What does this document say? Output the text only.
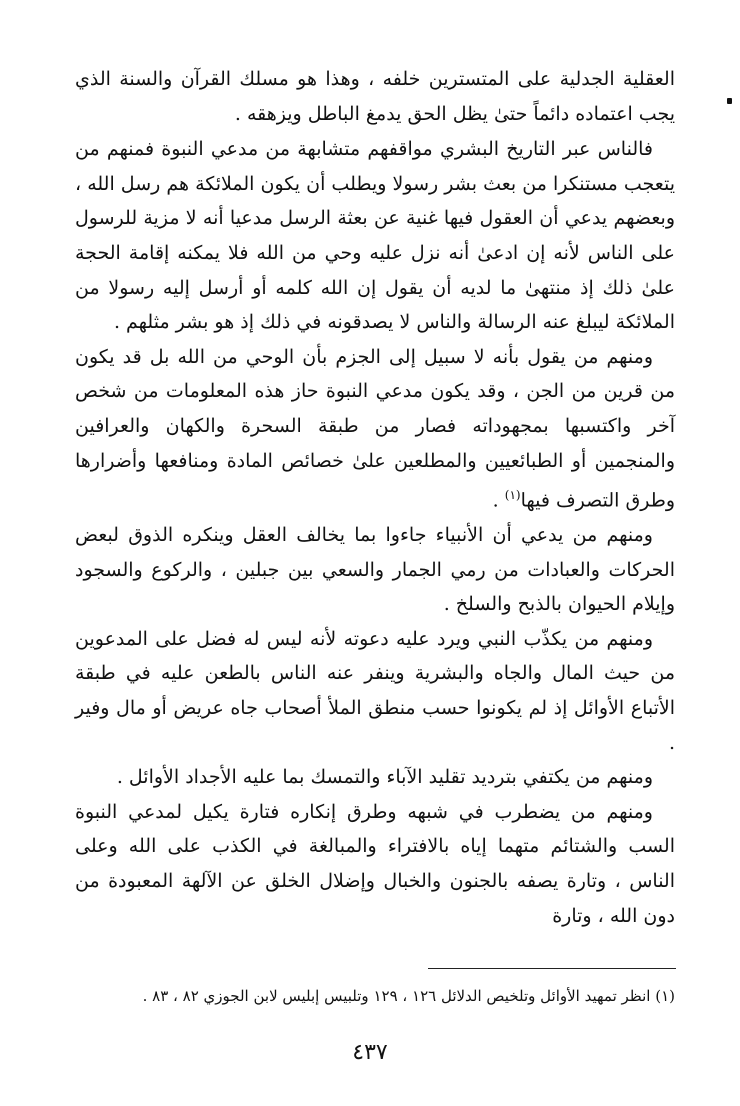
العقلية الجدلية على المتسترين خلفه ، وهذا هو مسلك القرآن والسنة الذي يجب اعتماده دائماً حتىٰ يظل الحق يدمغ الباطل ويزهقه .

فالناس عبر التاريخ البشري مواقفهم متشابهة من مدعي النبوة فمنهم من يتعجب مستنكرا من بعث بشر رسولا ويطلب أن يكون الملائكة هم رسل الله ، وبعضهم يدعي أن العقول فيها غنية عن بعثة الرسل مدعيا أنه لا مزية للرسول على الناس لأنه إن ادعىٰ أنه نزل عليه وحي من الله فلا يمكنه إقامة الحجة علىٰ ذلك إذ منتهىٰ ما لديه أن يقول إن الله كلمه أو أرسل إليه رسولا من الملائكة ليبلغ عنه الرسالة والناس لا يصدقونه في ذلك إذ هو بشر مثلهم .

ومنهم من يقول بأنه لا سبيل إلى الجزم بأن الوحي من الله بل قد يكون من قرين من الجن ، وقد يكون مدعي النبوة حاز هذه المعلومات من شخص آخر واكتسبها بمجهوداته فصار من طبقة السحرة والكهان والعرافين والمنجمين أو الطبائعيين والمطلعين علىٰ خصائص المادة ومنافعها وأضرارها وطرق التصرف فيها$^{(١)}$ .

ومنهم من يدعي أن الأنبياء جاءوا بما يخالف العقل وينكره الذوق لبعض الحركات والعبادات من رمي الجمار والسعي بين جبلين ، والركوع والسجود وإيلام الحيوان بالذبح والسلخ .

ومنهم من يكذّب النبي ويرد عليه دعوته لأنه ليس له فضل على المدعوين من حيث المال والجاه والبشرية وينفر عنه الناس بالطعن عليه في طبقة الأتباع الأوائل إذ لم يكونوا حسب منطق الملأ أصحاب جاه عريض أو مال وفير .

ومنهم من يكتفي بترديد تقليد الآباء والتمسك بما عليه الأجداد الأوائل .

ومنهم من يضطرب في شبهه وطرق إنكاره فتارة يكيل لمدعي النبوة السب والشتائم متهما إياه بالافتراء والمبالغة في الكذب على الله وعلى الناس ، وتارة يصفه بالجنون والخبال وإضلال الخلق عن الآلهة المعبودة من دون الله ، وتارة

(١) انظر تمهيد الأوائل وتلخيص الدلائل ١٢٦ ، ١٢٩ وتلبيس إبليس لابن الجوزي ٨٢ ، ٨٣ .
٤٣٧
